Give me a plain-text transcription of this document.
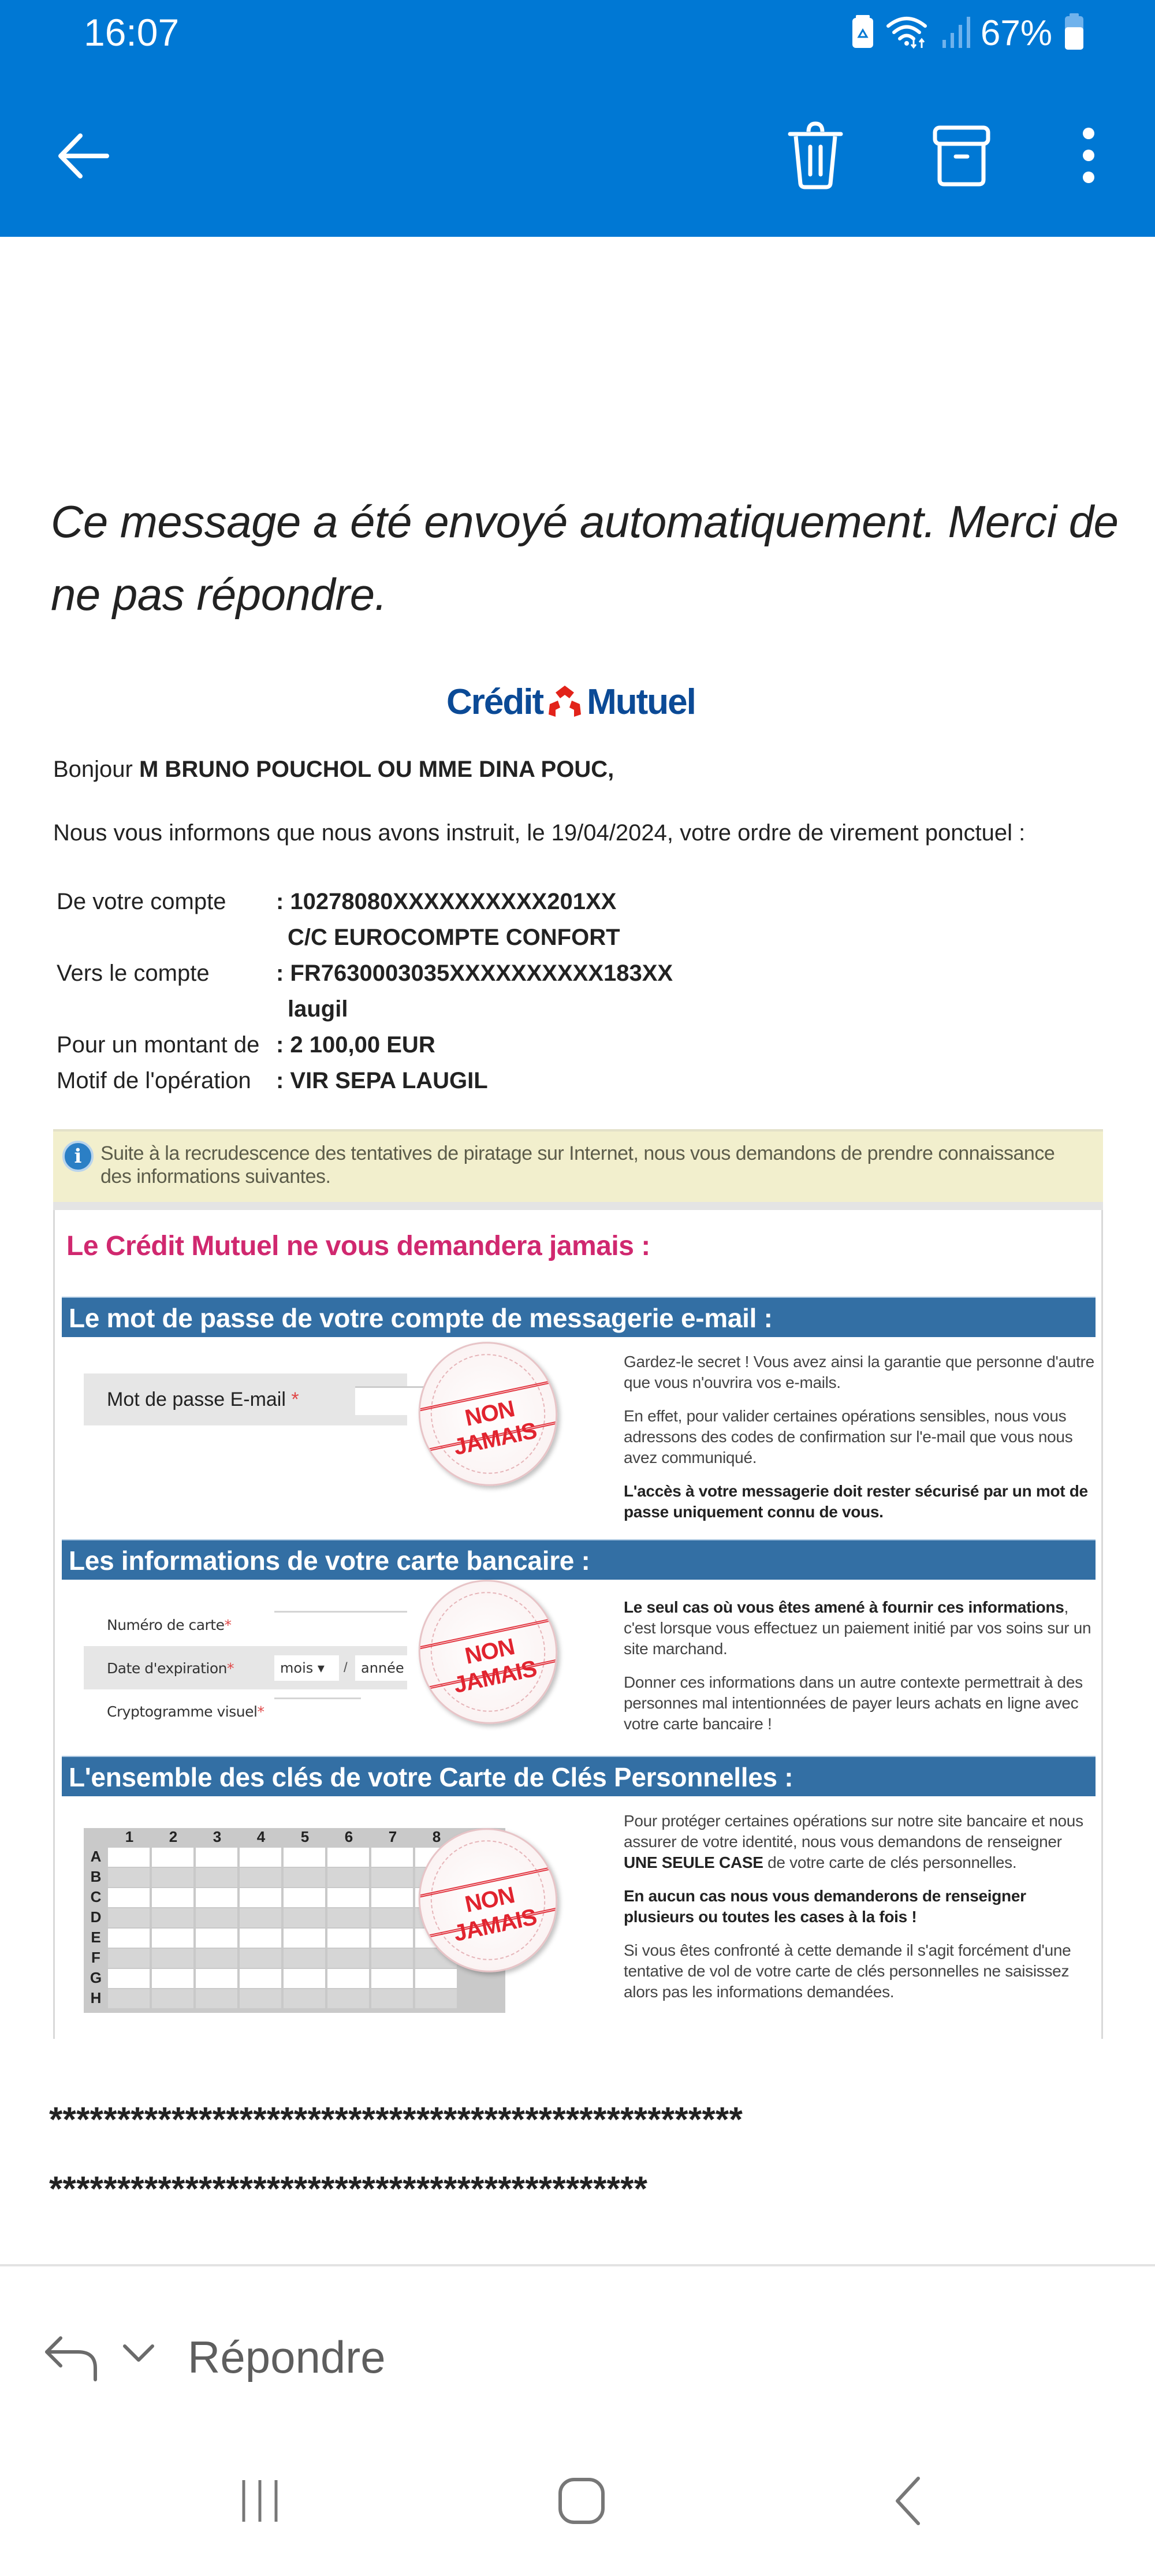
16:07	67%
Ce message a été envoyé automatiquement. Merci de ne pas répondre.
Crédit Mutuel
Bonjour M BRUNO POUCHOL OU MME DINA POUC,
Nous vous informons que nous avons instruit, le 19/04/2024, votre ordre de virement ponctuel :
De votre compte	: 10278080XXXXXXXXXX201XX
C/C EUROCOMPTE CONFORT
Vers le compte	: FR7630003035XXXXXXXXXX183XX
laugil
Pour un montant de : 2 100,00 EUR
Motif de l'opération	: VIR SEPA LAUGIL
i Suite à la recrudescence des tentatives de piratage sur Internet, nous vous demandons de prendre connaissance des informations suivantes.
Le Crédit Mutuel ne vous demandera jamais :
Le mot de passe de votre compte de messagerie e-mail :
Mot de passe E-mail *	NON JAMAIS

Gardez-le secret ! Vous avez ainsi la garantie que personne d'autre que vous n'ouvrira vos e-mails.

En effet, pour valider certaines opérations sensibles, nous vous adressons des codes de confirmation sur l'e-mail que vous nous avez communiqué.

L'accès à votre messagerie doit rester sécurisé par un mot de passe uniquement connu de vous.

Les informations de votre carte bancaire :
Numéro de carte*
Date d'expiration*	mois ▾	/ année
Cryptogramme visuel*
NON JAMAIS

Le seul cas où vous êtes amené à fournir ces informations, c'est lorsque vous effectuez un paiement initié par vos soins sur un site marchand.

Donner ces informations dans un autre contexte permettrait à des personnes mal intentionnées de payer leurs achats en ligne avec votre carte bancaire !

L'ensemble des clés de votre Carte de Clés Personnelles :
1	2	3	4	5	6	7	8
A
B
C
D
E
F
G
H
NON JAMAIS

Pour protéger certaines opérations sur notre site bancaire et nous assurer de votre identité, nous vous demandons de renseigner UNE SEULE CASE de votre carte de clés personnelles.

En aucun cas nous vous demanderons de renseigner plusieurs ou toutes les cases à la fois !

Si vous êtes confronté à cette demande il s'agit forcément d'une tentative de vol de votre carte de clés personnelles ne saisissez alors pas les informations demandées.

***************************************************
********************************************
Répondre
